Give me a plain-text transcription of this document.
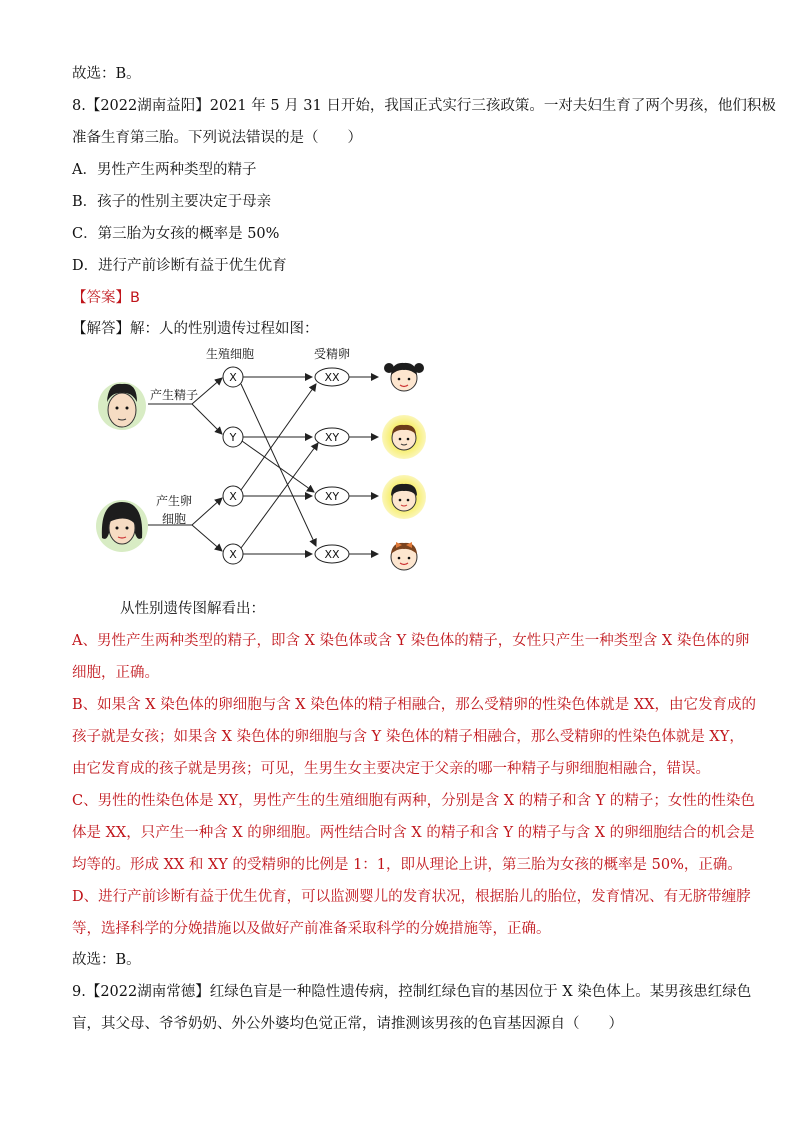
故选：B。
8.【2022湖南益阳】2021 年 5 月 31 日开始，我国正式实行三孩政策。一对夫妇生育了两个男孩，他们积极
准备生育第三胎。下列说法错误的是（　　）
A．男性产生两种类型的精子
B．孩子的性别主要决定于母亲
C．第三胎为女孩的概率是 50%
D．进行产前诊断有益于优生优育
【答案】B
【解答】解：人的性别遗传过程如图：
生殖细胞	受精卵
产生精子
产生卵
细胞
X
Y
X
X
XX
XY
XY
XX
从性别遗传图解看出：
A、男性产生两种类型的精子，即含 X 染色体或含 Y 染色体的精子，女性只产生一种类型含 X 染色体的卵
细胞，正确。
B、如果含 X 染色体的卵细胞与含 X 染色体的精子相融合，那么受精卵的性染色体就是 XX，由它发育成的
孩子就是女孩；如果含 X 染色体的卵细胞与含 Y 染色体的精子相融合，那么受精卵的性染色体就是 XY，
由它发育成的孩子就是男孩；可见，生男生女主要决定于父亲的哪一种精子与卵细胞相融合，错误。
C、男性的性染色体是 XY，男性产生的生殖细胞有两种，分别是含 X 的精子和含 Y 的精子；女性的性染色
体是 XX，只产生一种含 X 的卵细胞。两性结合时含 X 的精子和含 Y 的精子与含 X 的卵细胞结合的机会是
均等的。形成 XX 和 XY 的受精卵的比例是 1：1，即从理论上讲，第三胎为女孩的概率是 50%，正确。
D、进行产前诊断有益于优生优育，可以监测婴儿的发育状况，根据胎儿的胎位，发育情况、有无脐带缠脖
等，选择科学的分娩措施以及做好产前准备采取科学的分娩措施等，正确。
故选：B。
9.【2022湖南常德】红绿色盲是一种隐性遗传病，控制红绿色盲的基因位于 X 染色体上。某男孩患红绿色
盲，其父母、爷爷奶奶、外公外婆均色觉正常，请推测该男孩的色盲基因源自（　　）
